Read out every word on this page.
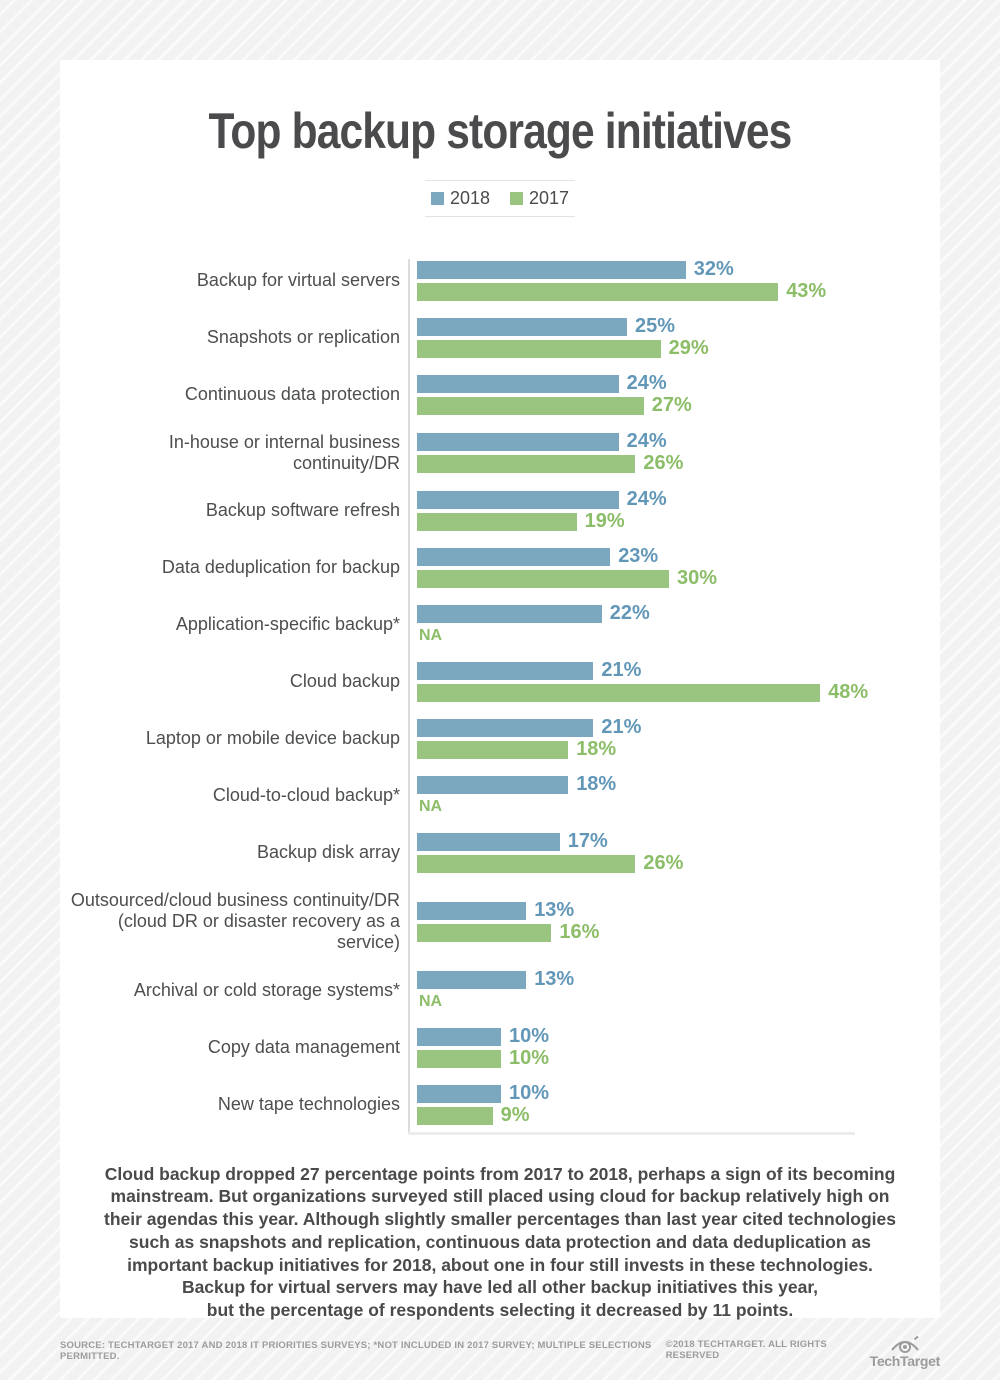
Top backup storage initiatives
2018 2017
Backup for virtual servers	32%
43%
Snapshots or replication	25%
29%
Continuous data protection	24%
27%
In-house or internal business continuity/DR
24%
26%
Backup software refresh	24%
19%
Data deduplication for backup	23%
30%
Application-specific backup*	22%
NA
Cloud backup	21%
48%
Laptop or mobile device backup	21%
18%
Cloud-to-cloud backup*	18%
NA
Backup disk array	17%
26%
Outsourced/cloud business continuity/DR (cloud DR or disaster recovery as a service)
13%
16%
Archival or cold storage systems*	13%
NA
Copy data management	10%
10%
New tape technologies	10%
9%
Cloud backup dropped 27 percentage points from 2017 to 2018, perhaps a sign of its becoming
mainstream. But organizations surveyed still placed using cloud for backup relatively high on
their agendas this year. Although slightly smaller percentages than last year cited technologies
such as snapshots and replication, continuous data protection and data deduplication as
important backup initiatives for 2018, about one in four still invests in these technologies.
Backup for virtual servers may have led all other backup initiatives this year,
but the percentage of respondents selecting it decreased by 11 points.
SOURCE: TECHTARGET 2017 AND 2018 IT PRIORITIES SURVEYS; *NOT INCLUDED IN 2017 SURVEY; MULTIPLE SELECTIONS PERMITTED.
©2018 TECHTARGET. ALL RIGHTS RESERVED	TechTarget
